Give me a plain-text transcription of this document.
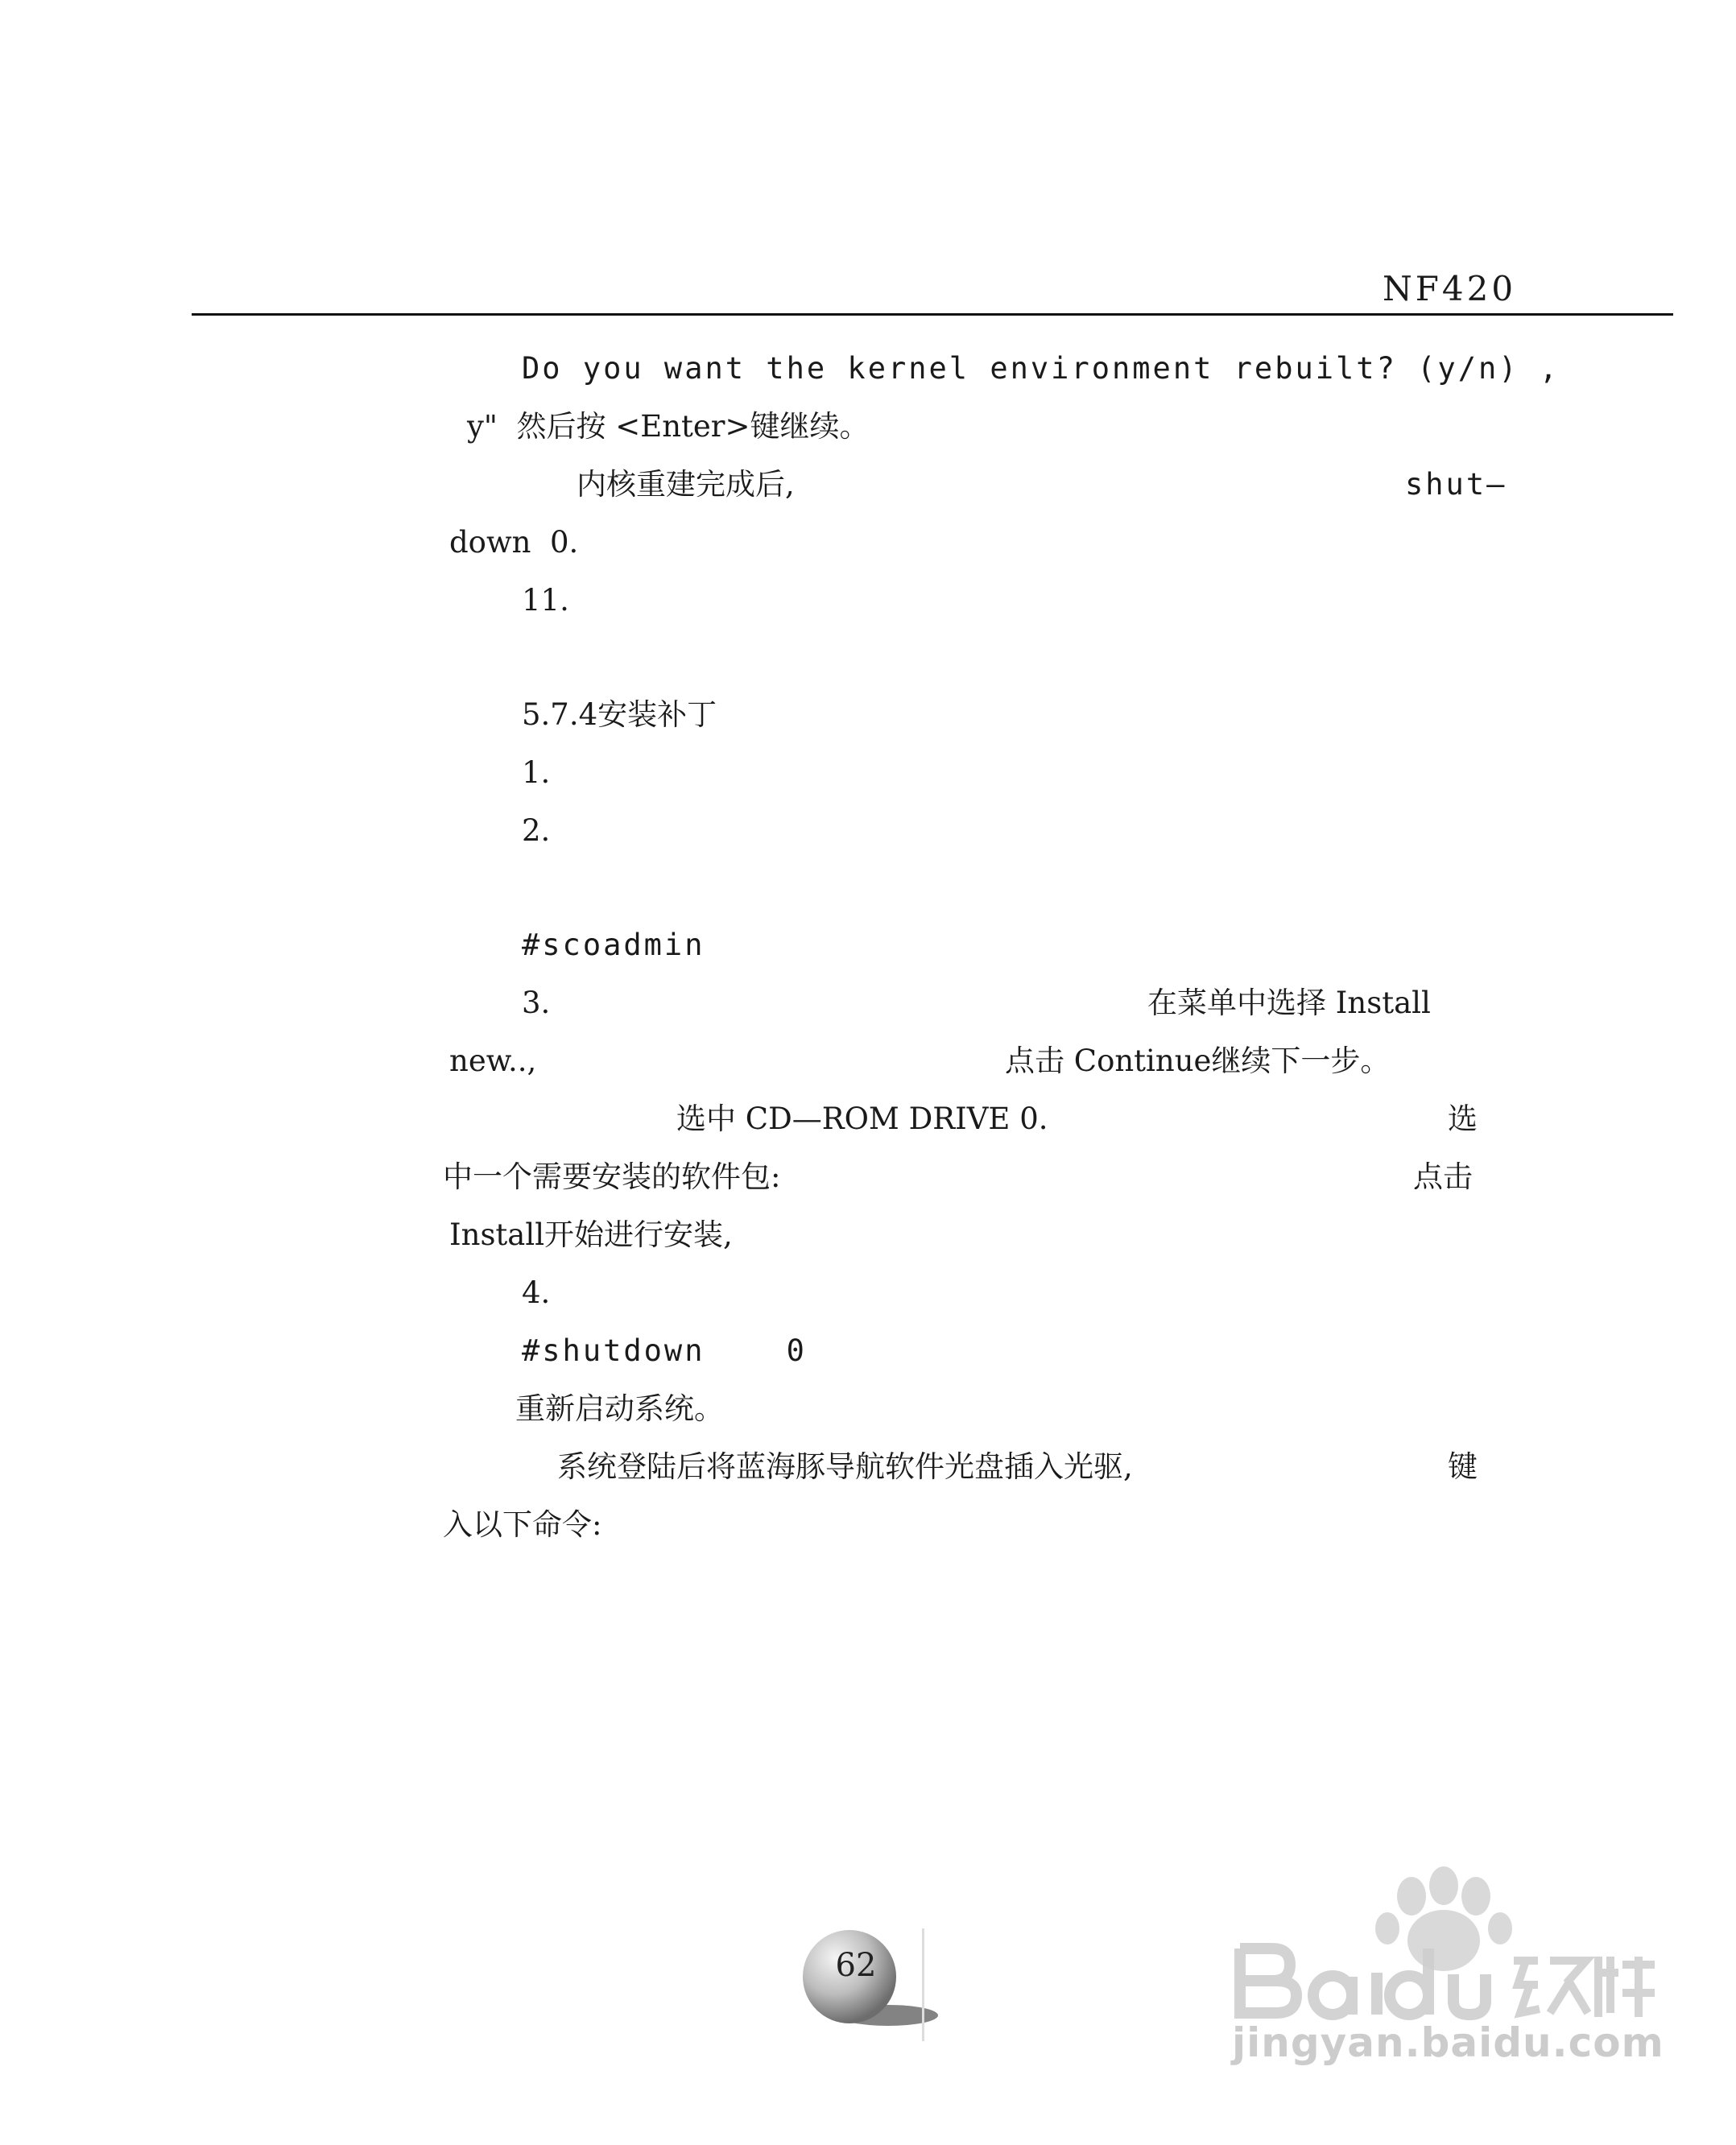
NF420
Do you want the kernel environment rebuilt? (y/n) ,
y"  然后按 <Enter>键继续。
内核重建完成后,	shut—
down  0.
11.
5.7.4安装补丁
1.
2.
#scoadmin
3.	在菜单中选择 Install
new..,	点击 Continue继续下一步。
选中 CD—ROM DRIVE 0.	选
中一个需要安装的软件包:	点击
Install开始进行安装,
4.
#shutdown    0
重新启动系统。
系统登陆后将蓝海豚导航软件光盘插入光驱,	键
入以下命令:
62
jingyan.baidu.com
